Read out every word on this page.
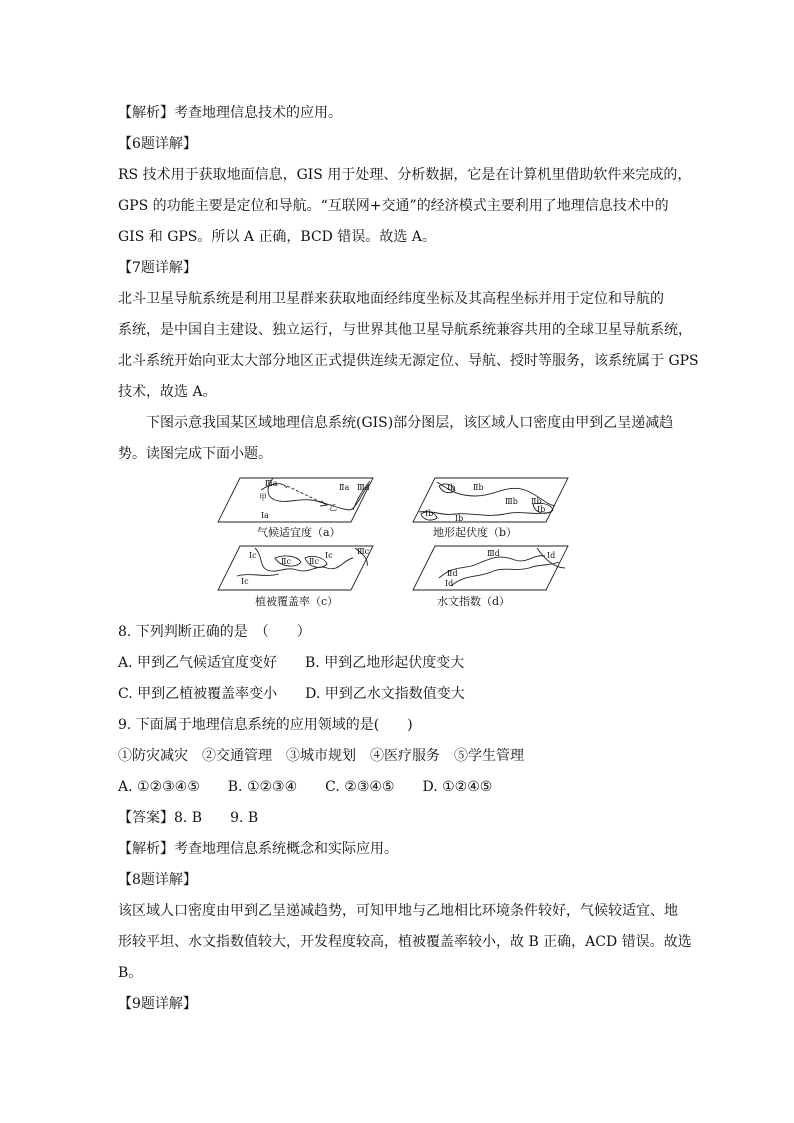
【解析】考查地理信息技术的应用。
【6题详解】
RS 技术用于获取地面信息，GIS 用于处理、分析数据，它是在计算机里借助软件来完成的，
GPS 的功能主要是定位和导航。“互联网+交通”的经济模式主要利用了地理信息技术中的
GIS 和 GPS。所以 A 正确，BCD 错误。故选 A。
【7题详解】
北斗卫星导航系统是利用卫星群来获取地面经纬度坐标及其高程坐标并用于定位和导航的
系统，是中国自主建设、独立运行，与世界其他卫星导航系统兼容共用的全球卫星导航系统，
北斗系统开始向亚太大部分地区正式提供连续无源定位、导航、授时等服务，该系统属于 GPS
技术，故选 A。
下图示意我国某区域地理信息系统(GIS)部分图层，该区域人口密度由甲到乙呈递减趋
势。读图完成下面小题。
Ⅲa	Ⅱa Ⅲa
甲
乙
Ⅰa
气候适宜度（a）
Ⅰb Ⅱb
Ⅲb
Ⅰb
Ⅰb
Ⅱb
Ⅰb
地形起伏度（b）
Ⅰc
Ⅱc Ⅱc
Ⅲc
Ⅰc
Ⅰc
植被覆盖率（c）
Ⅲd
Ⅱd
Ⅰd
Ⅰd
水文指数（d）
8. 下列判断正确的是　（　　）
A. 甲到乙气候适宜度变好　　B. 甲到乙地形起伏度变大
C. 甲到乙植被覆盖率变小　　D. 甲到乙水文指数值变大
9. 下面属于地理信息系统的应用领域的是(　　)
①防灾减灾　②交通管理　③城市规划　④医疗服务　⑤学生管理
A. ①②③④⑤　　B. ①②③④　　C. ②③④⑤　　D. ①②④⑤
【答案】8. B　　9. B
【解析】考查地理信息系统概念和实际应用。
【8题详解】
该区域人口密度由甲到乙呈递减趋势，可知甲地与乙地相比环境条件较好，气候较适宜、地
形较平坦、水文指数值较大，开发程度较高，植被覆盖率较小，故 B 正确，ACD 错误。故选
B。
【9题详解】
